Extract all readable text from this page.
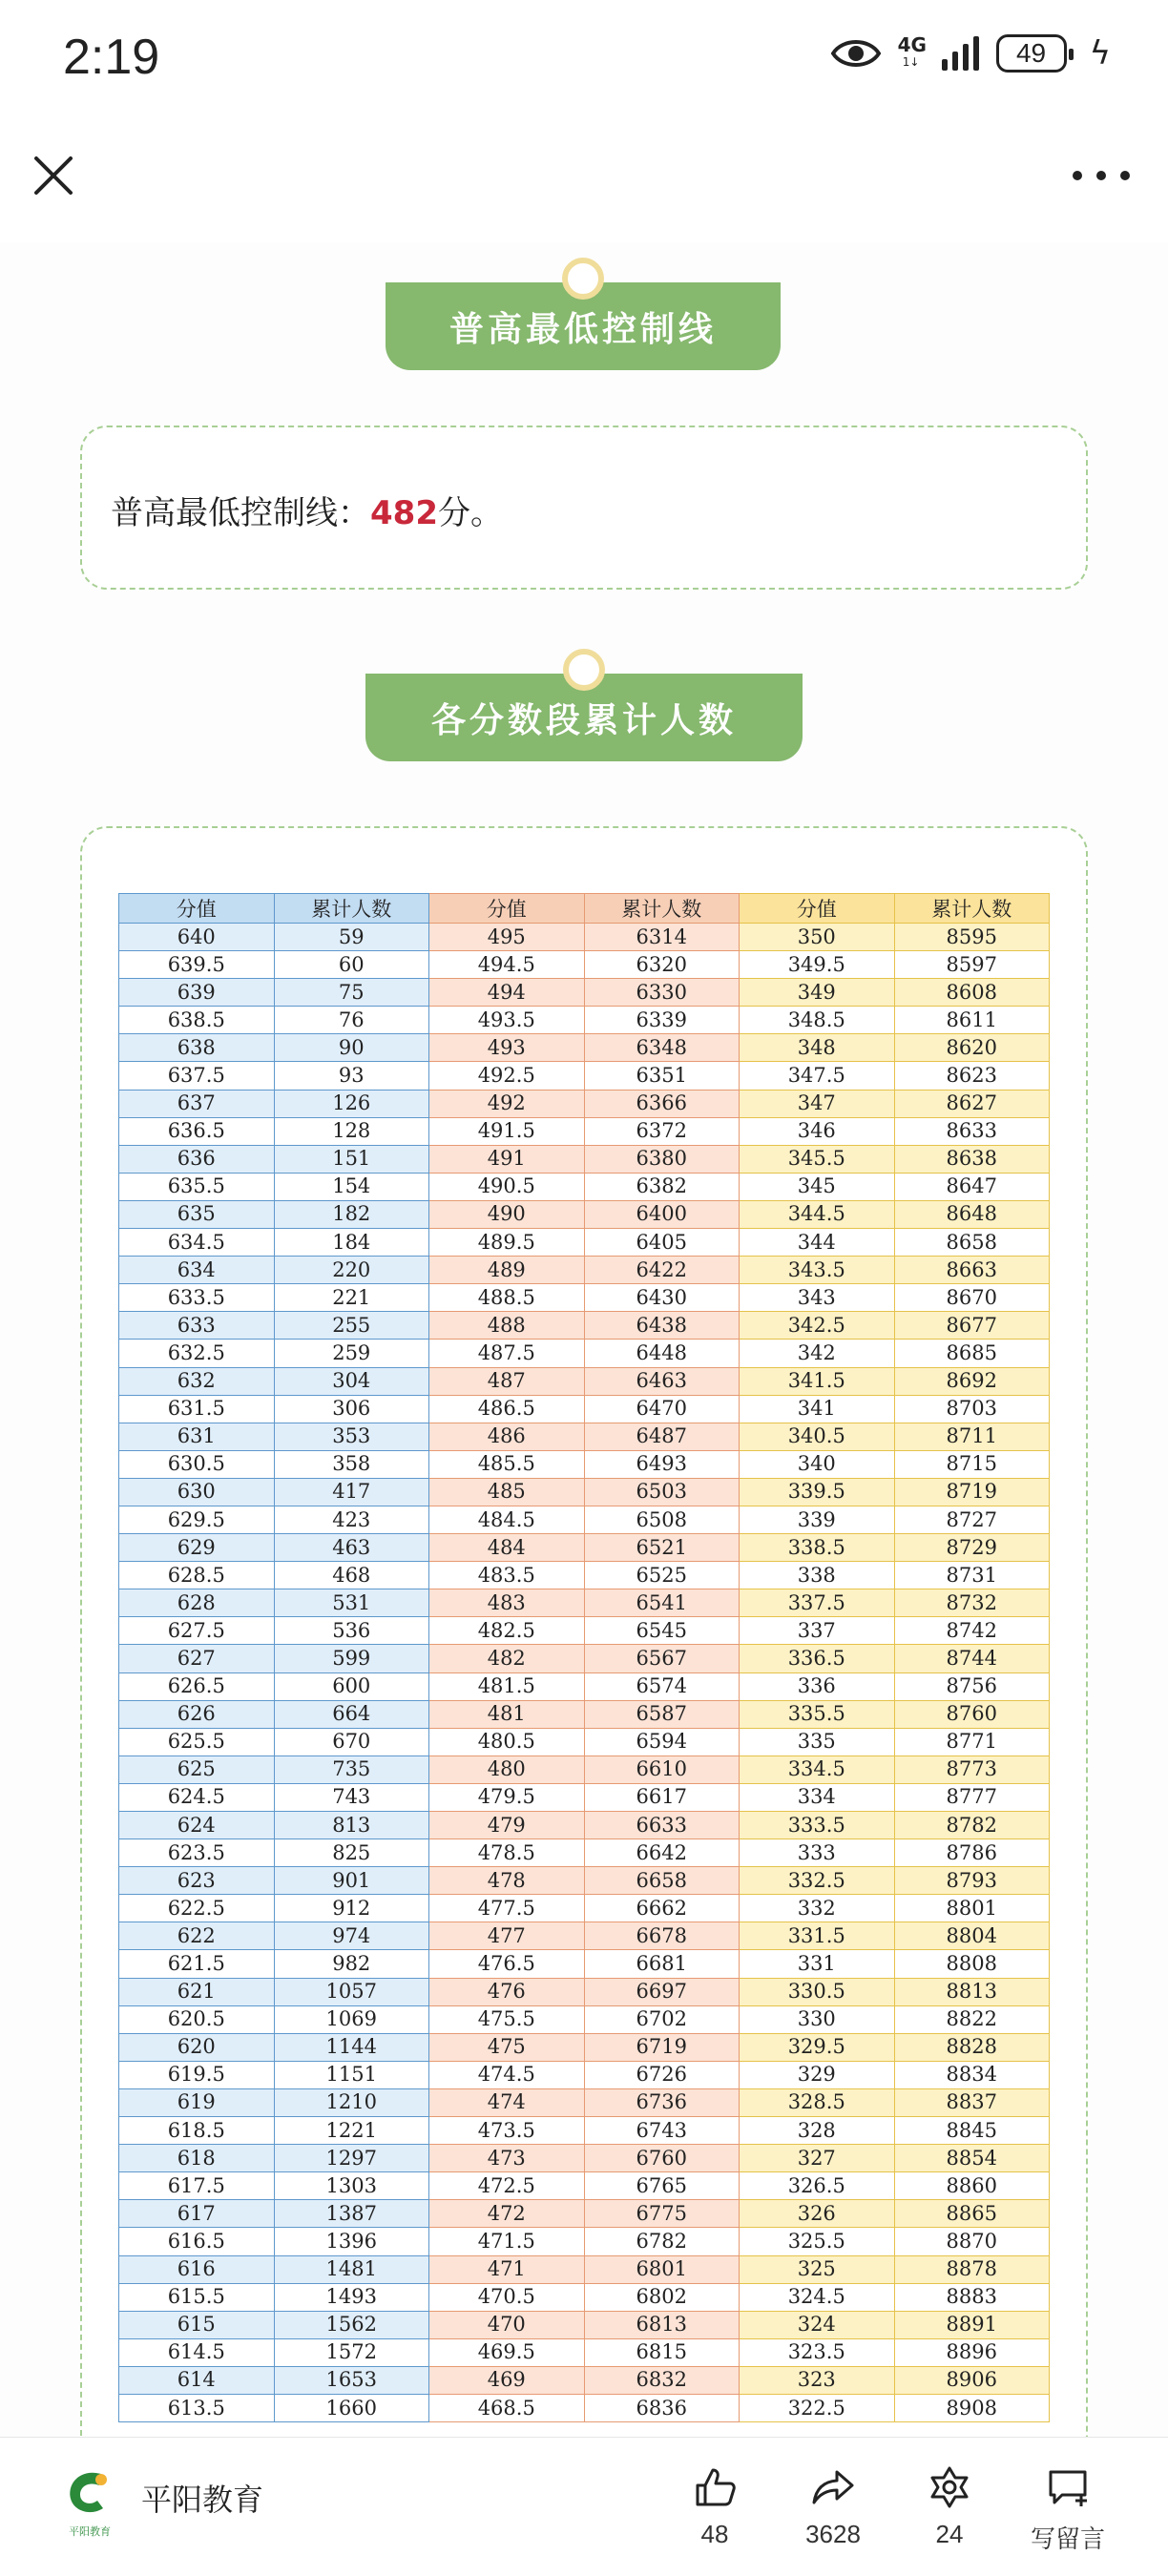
2:19	4G
1↓	49 ϟ
普高最低控制线
普高最低控制线：482分。
各分数段累计人数
分值	累计人数	分值	累计人数	分值	累计人数
640	59	495	6314	350	8595
639.5	60	494.5	6320	349.5	8597
639	75	494	6330	349	8608
638.5	76	493.5	6339	348.5	8611
638	90	493	6348	348	8620
637.5	93	492.5	6351	347.5	8623
637	126	492	6366	347	8627
636.5	128	491.5	6372	346	8633
636	151	491	6380	345.5	8638
635.5	154	490.5	6382	345	8647
635	182	490	6400	344.5	8648
634.5	184	489.5	6405	344	8658
634	220	489	6422	343.5	8663
633.5	221	488.5	6430	343	8670
633	255	488	6438	342.5	8677
632.5	259	487.5	6448	342	8685
632	304	487	6463	341.5	8692
631.5	306	486.5	6470	341	8703
631	353	486	6487	340.5	8711
630.5	358	485.5	6493	340	8715
630	417	485	6503	339.5	8719
629.5	423	484.5	6508	339	8727
629	463	484	6521	338.5	8729
628.5	468	483.5	6525	338	8731
628	531	483	6541	337.5	8732
627.5	536	482.5	6545	337	8742
627	599	482	6567	336.5	8744
626.5	600	481.5	6574	336	8756
626	664	481	6587	335.5	8760
625.5	670	480.5	6594	335	8771
625	735	480	6610	334.5	8773
624.5	743	479.5	6617	334	8777
624	813	479	6633	333.5	8782
623.5	825	478.5	6642	333	8786
623	901	478	6658	332.5	8793
622.5	912	477.5	6662	332	8801
622	974	477	6678	331.5	8804
621.5	982	476.5	6681	331	8808
621	1057	476	6697	330.5	8813
620.5	1069	475.5	6702	330	8822
620	1144	475	6719	329.5	8828
619.5	1151	474.5	6726	329	8834
619	1210	474	6736	328.5	8837
618.5	1221	473.5	6743	328	8845
618	1297	473	6760	327	8854
617.5	1303	472.5	6765	326.5	8860
617	1387	472	6775	326	8865
616.5	1396	471.5	6782	325.5	8870
616	1481	471	6801	325	8878
615.5	1493	470.5	6802	324.5	8883
615	1562	470	6813	324	8891
614.5	1572	469.5	6815	323.5	8896
614	1653	469	6832	323	8906
613.5	1660	468.5	6836	322.5	8908
平阳教育
平阳教育
48	3628	24	写留言
